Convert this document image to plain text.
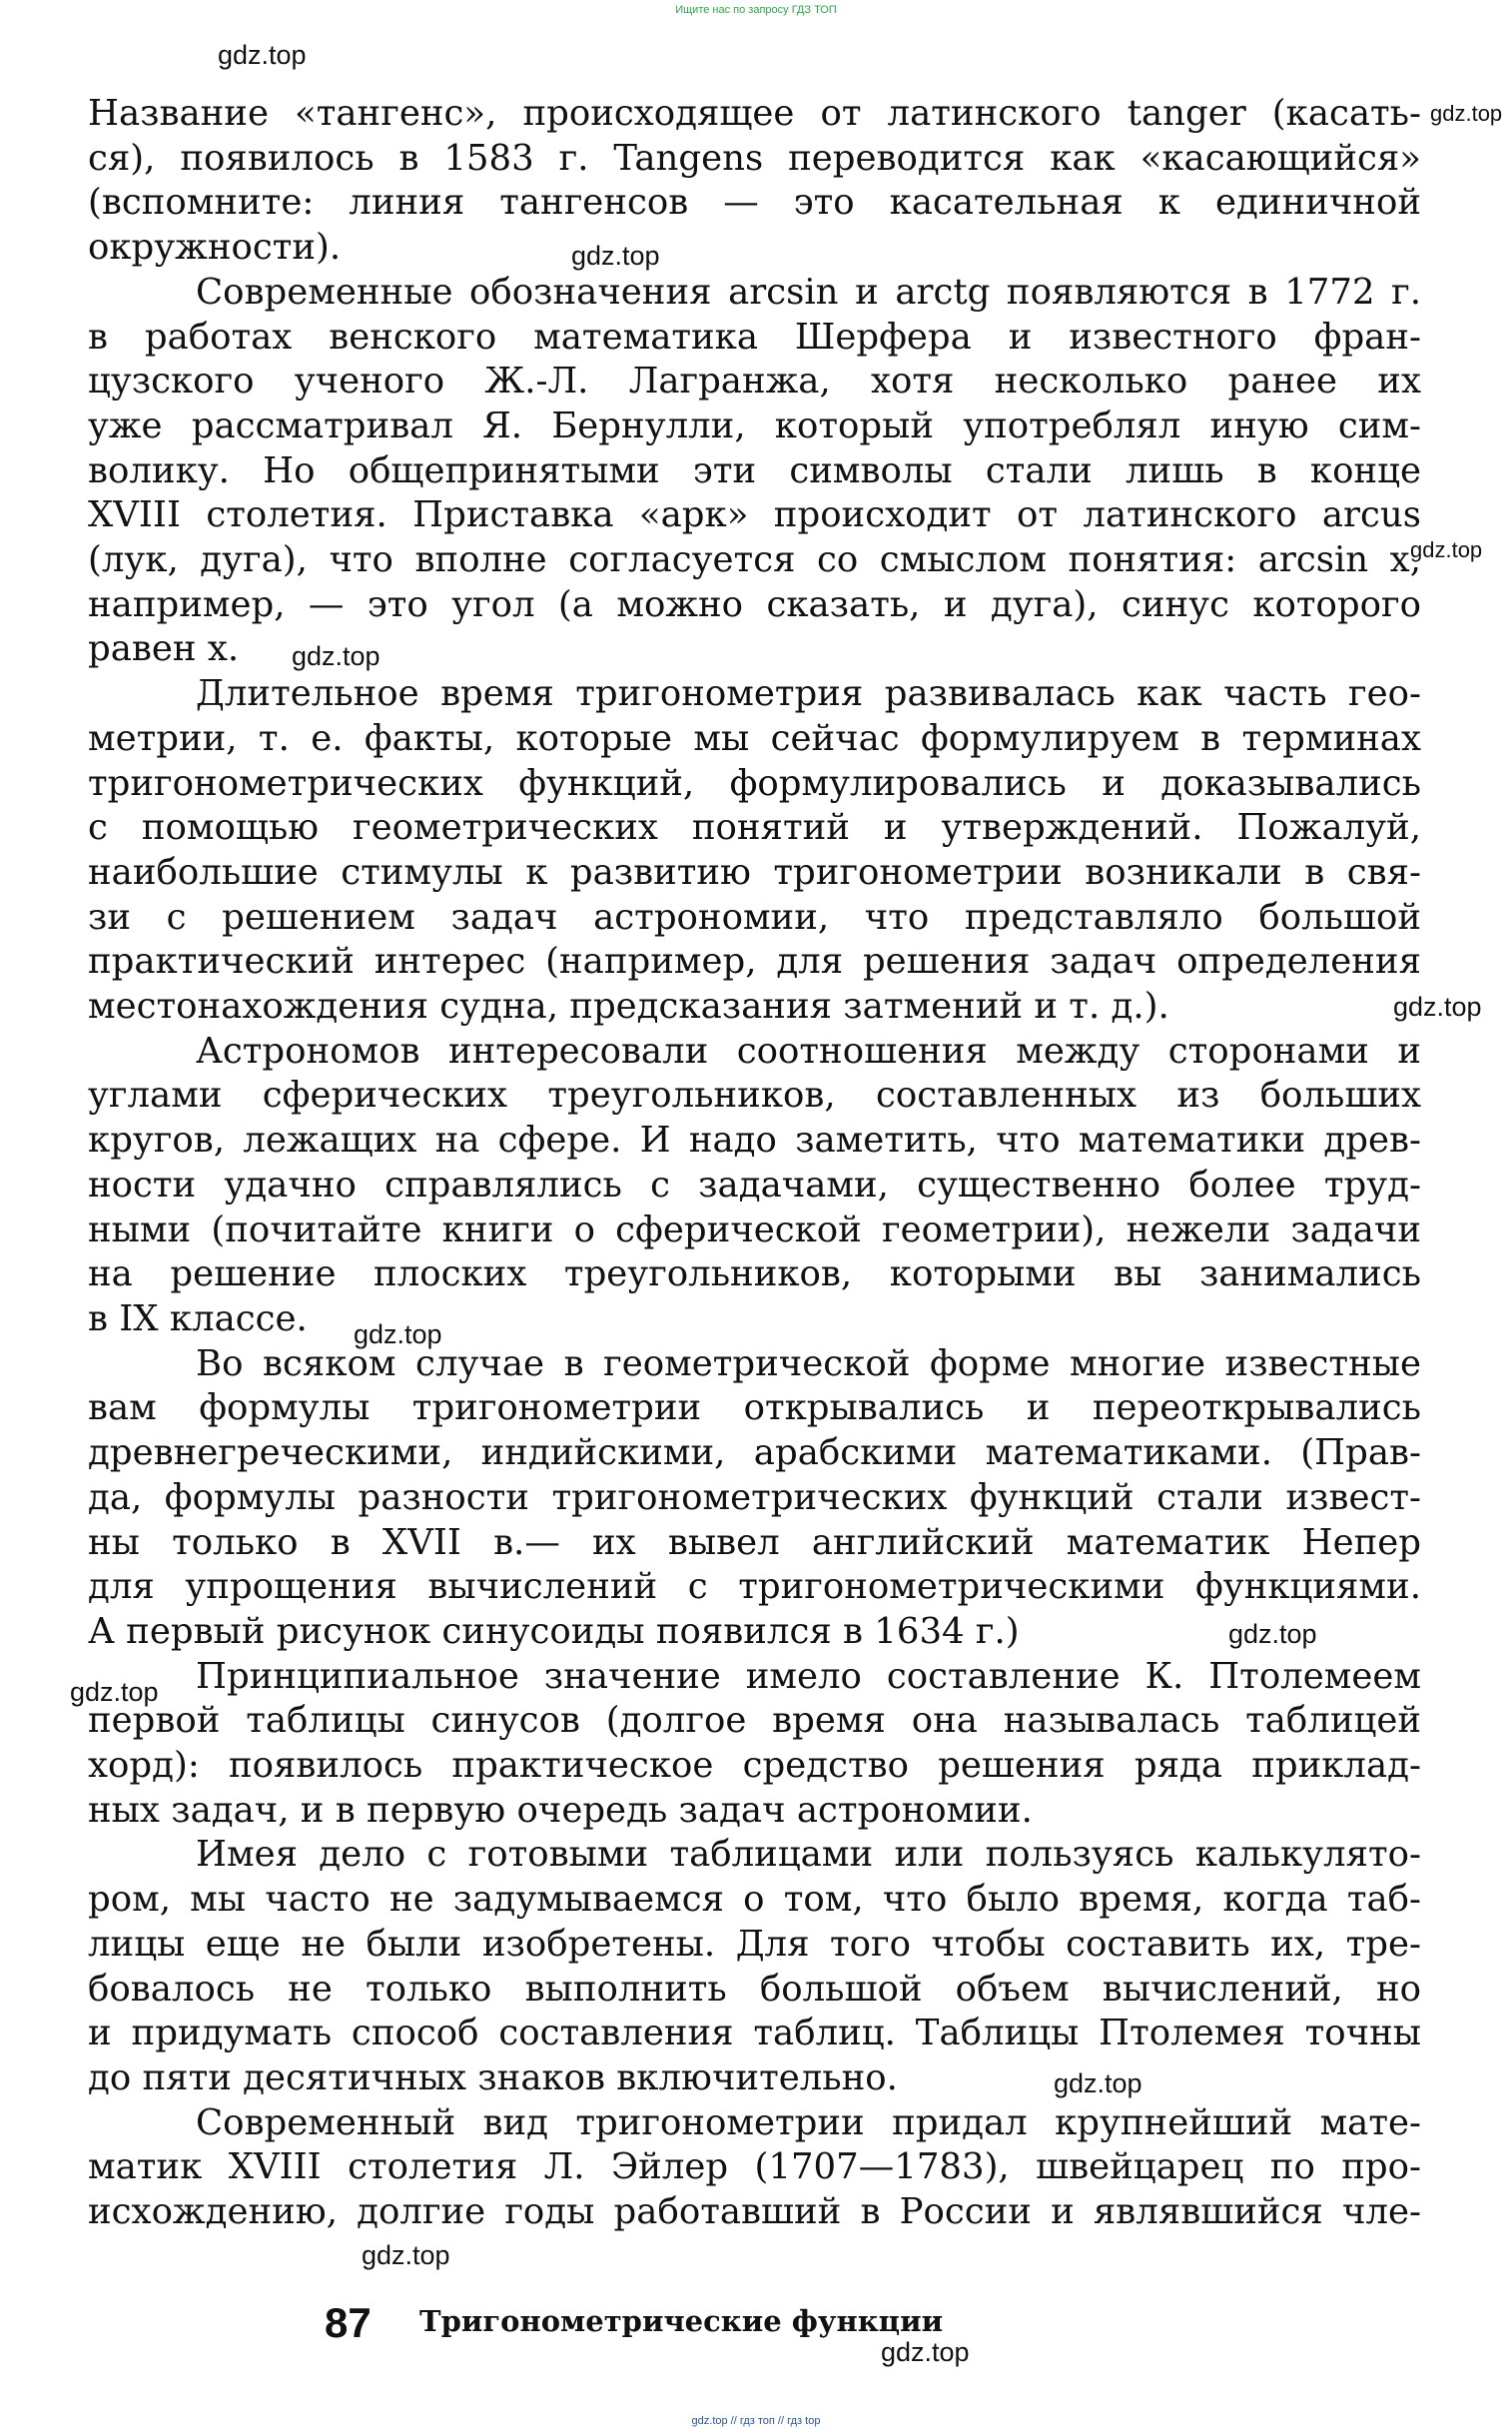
Ищите нас по запросу ГДЗ ТОП
gdz.top
gdz.top
gdz.top
gdz.top
gdz.top
gdz.top
gdz.top
gdz.top
gdz.top
gdz.top
gdz.top
gdz.top

Название «тангенс», происходящее от латинского tanger (касать-
ся), появилось в 1583 г. Tangens переводится как «касающийся»
(вспомните: линия тангенсов — это касательная к единичной
окружности).

Современные обозначения arcsin и arctg появляются в 1772 г.
в работах венского математика Шерфера и известного фран-
цузского ученого Ж.-Л. Лагранжа, хотя несколько ранее их
уже рассматривал Я. Бернулли, который употреблял иную сим-
волику. Но общепринятыми эти символы стали лишь в конце
XVIII столетия. Приставка «арк» происходит от латинского arcus
(лук, дуга), что вполне согласуется со смыслом понятия: arcsin x,
например, — это угол (а можно сказать, и дуга), синус которого
равен x.

Длительное время тригонометрия развивалась как часть гео-
метрии, т. е. факты, которые мы сейчас формулируем в терминах
тригонометрических функций, формулировались и доказывались
с помощью геометрических понятий и утверждений. Пожалуй,
наибольшие стимулы к развитию тригонометрии возникали в свя-
зи с решением задач астрономии, что представляло большой
практический интерес (например, для решения задач определения
местонахождения судна, предсказания затмений и т. д.).

Астрономов интересовали соотношения между сторонами и
углами сферических треугольников, составленных из больших
кругов, лежащих на сфере. И надо заметить, что математики древ-
ности удачно справлялись с задачами, существенно более труд-
ными (почитайте книги о сферической геометрии), нежели задачи
на решение плоских треугольников, которыми вы занимались
в IX классе.

Во всяком случае в геометрической форме многие известные
вам формулы тригонометрии открывались и переоткрывались
древнегреческими, индийскими, арабскими математиками. (Прав-
да, формулы разности тригонометрических функций стали извест-
ны только в XVII в.— их вывел английский математик Непер
для упрощения вычислений с тригонометрическими функциями.
А первый рисунок синусоиды появился в 1634 г.)

Принципиальное значение имело составление К. Птолемеем
первой таблицы синусов (долгое время она называлась таблицей
хорд): появилось практическое средство решения ряда приклад-
ных задач, и в первую очередь задач астрономии.

Имея дело с готовыми таблицами или пользуясь калькулято-
ром, мы часто не задумываемся о том, что было время, когда таб-
лицы еще не были изобретены. Для того чтобы составить их, тре-
бовалось не только выполнить большой объем вычислений, но
и придумать способ составления таблиц. Таблицы Птолемея точны
до пяти десятичных знаков включительно.

Современный вид тригонометрии придал крупнейший мате-
матик XVIII столетия Л. Эйлер (1707—1783), швейцарец по про-
исхождению, долгие годы работавший в России и являвшийся чле-

87 Тригонометрические функции
gdz.top // гдз топ // гдз top
